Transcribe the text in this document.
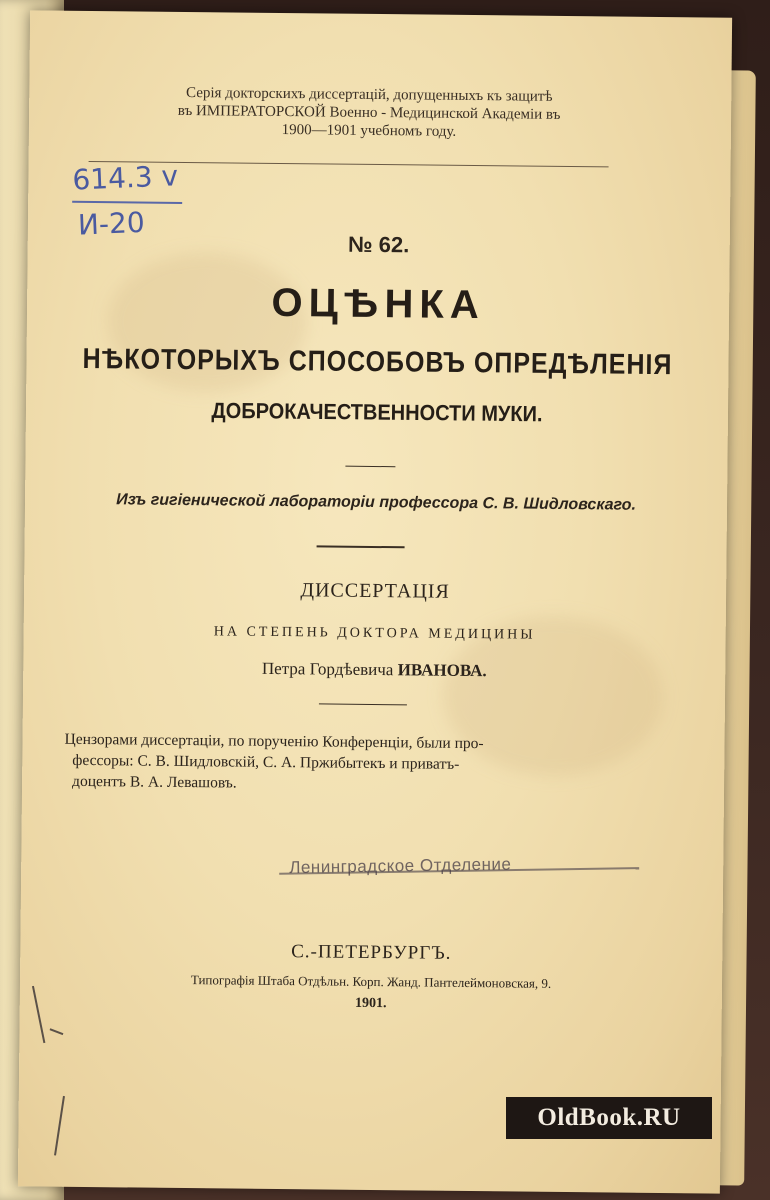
Серія докторскихъ диссертацій, допущенныхъ къ защитѣ
въ ИМПЕРАТОРСКОЙ Военно - Медицинской Академіи въ
1900—1901 учебномъ году.
614.3 v
И-20
№ 62.
ОЦѢНКА
НѢКОТОРЫХЪ СПОСОБОВЪ ОПРЕДѢЛЕНІЯ
ДОБРОКАЧЕСТВЕННОСТИ МУКИ.
Изъ гигіенической лабораторіи профессора С. В. Шидловскаго.
ДИССЕРТАЦІЯ
НА СТЕПЕНЬ ДОКТОРА МЕДИЦИНЫ
Петра Гордѣевича ИВАНОВА.
Цензорами диссертаціи, по порученію Конференціи, были про-
фессоры: С. В. Шидловскій, С. А. Пржибытекъ и приватъ-
доцентъ В. А. Левашовъ.
Ленинградское Отделение
С.-ПЕТЕРБУРГЪ.
Типографія Штаба Отдѣльн. Корп. Жанд. Пантелеймоновская, 9.
1901.
OldBook.RU
